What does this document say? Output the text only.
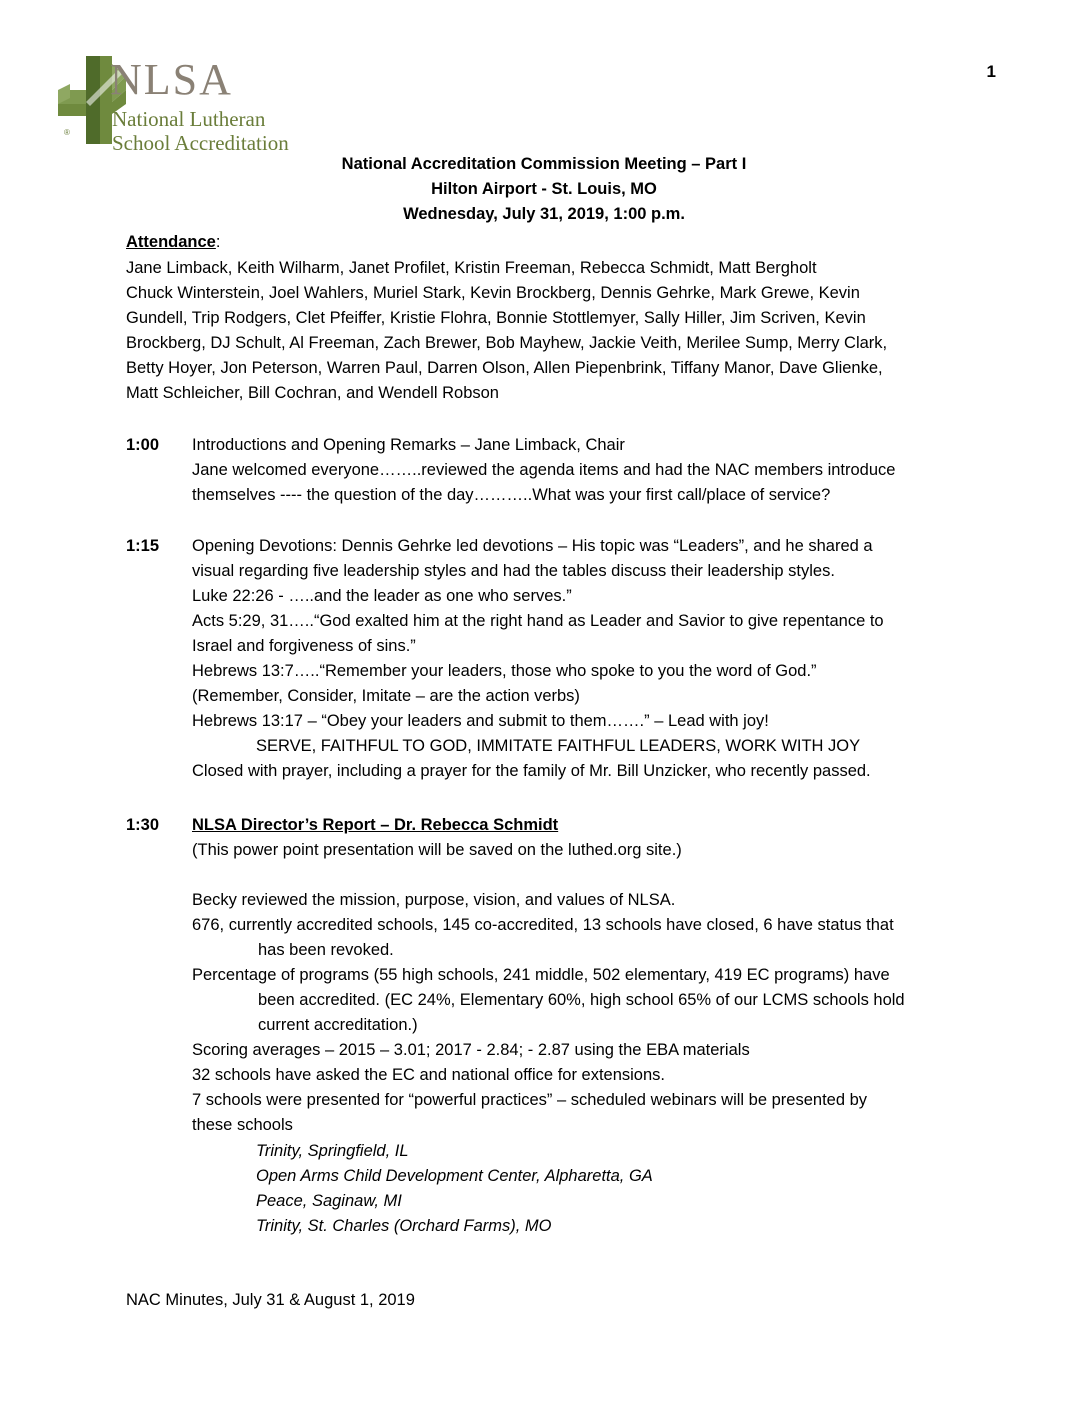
1
®
NLSA
National Lutheran
School Accreditation
National Accreditation Commission Meeting – Part I
Hilton Airport - St. Louis, MO
Wednesday, July 31, 2019, 1:00 p.m.

Attendance:

Jane Limback, Keith Wilharm, Janet Profilet, Kristin Freeman, Rebecca Schmidt, Matt Bergholt

Chuck Winterstein, Joel Wahlers, Muriel Stark, Kevin Brockberg, Dennis Gehrke, Mark Grewe, Kevin

Gundell, Trip Rodgers, Clet Pfeiffer, Kristie Flohra, Bonnie Stottlemyer, Sally Hiller, Jim Scriven, Kevin

Brockberg, DJ Schult, Al Freeman, Zach Brewer, Bob Mayhew, Jackie Veith, Merilee Sump, Merry Clark,

Betty Hoyer, Jon Peterson, Warren Paul, Darren Olson, Allen Piepenbrink, Tiffany Manor, Dave Glienke,

Matt Schleicher, Bill Cochran, and Wendell Robson

1:00	Introductions and Opening Remarks – Jane Limback, Chair

Jane welcomed everyone……..reviewed the agenda items and had the NAC members introduce

themselves ---- the question of the day………..What was your first call/place of service?

1:15	Opening Devotions: Dennis Gehrke led devotions – His topic was “Leaders”, and he shared a

visual regarding five leadership styles and had the tables discuss their leadership styles.

Luke 22:26 - …..and the leader as one who serves.”

Acts 5:29, 31…..“God exalted him at the right hand as Leader and Savior to give repentance to

Israel and forgiveness of sins.”

Hebrews 13:7…..“Remember your leaders, those who spoke to you the word of God.”

(Remember, Consider, Imitate – are the action verbs)

Hebrews 13:17 – “Obey your leaders and submit to them…….” – Lead with joy!

SERVE, FAITHFUL TO GOD, IMMITATE FAITHFUL LEADERS, WORK WITH JOY

Closed with prayer, including a prayer for the family of Mr. Bill Unzicker, who recently passed.

1:30	NLSA Director’s Report – Dr. Rebecca Schmidt

(This power point presentation will be saved on the luthed.org site.)

Becky reviewed the mission, purpose, vision, and values of NLSA.

676, currently accredited schools, 145 co-accredited, 13 schools have closed, 6 have status that

has been revoked.

Percentage of programs (55 high schools, 241 middle, 502 elementary, 419 EC programs) have

been accredited. (EC 24%, Elementary 60%, high school 65% of our LCMS schools hold

current accreditation.)

Scoring averages – 2015 – 3.01; 2017 - 2.84; - 2.87 using the EBA materials

32 schools have asked the EC and national office for extensions.

7 schools were presented for “powerful practices” – scheduled webinars will be presented by

these schools

Trinity, Springfield, IL

Open Arms Child Development Center, Alpharetta, GA

Peace, Saginaw, MI

Trinity, St. Charles (Orchard Farms), MO

NAC Minutes, July 31 & August 1, 2019
